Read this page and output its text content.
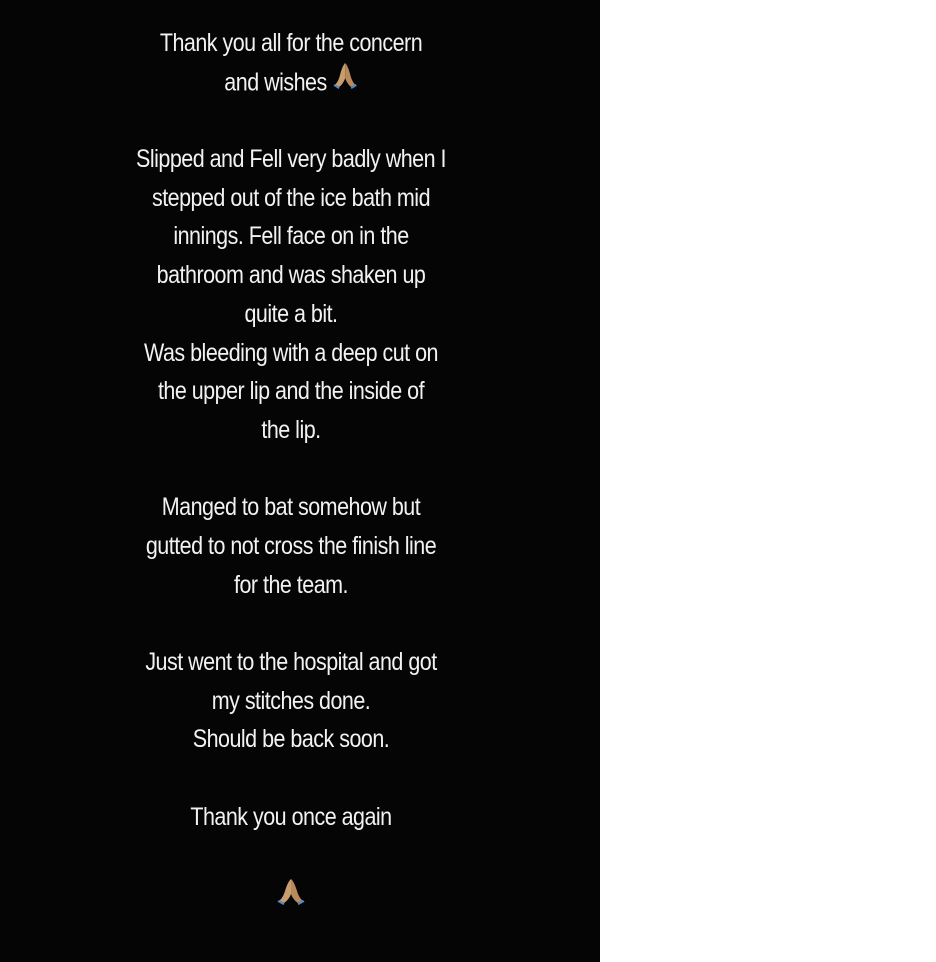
Thank you all for the concern
and wishes
Slipped and Fell very badly when I
stepped out of the ice bath mid
innings. Fell face on in the
bathroom and was shaken up
quite a bit.
Was bleeding with a deep cut on
the upper lip and the inside of
the lip.
Manged to bat somehow but
gutted to not cross the finish line
for the team.
Just went to the hospital and got
my stitches done.
Should be back soon.
Thank you once again
